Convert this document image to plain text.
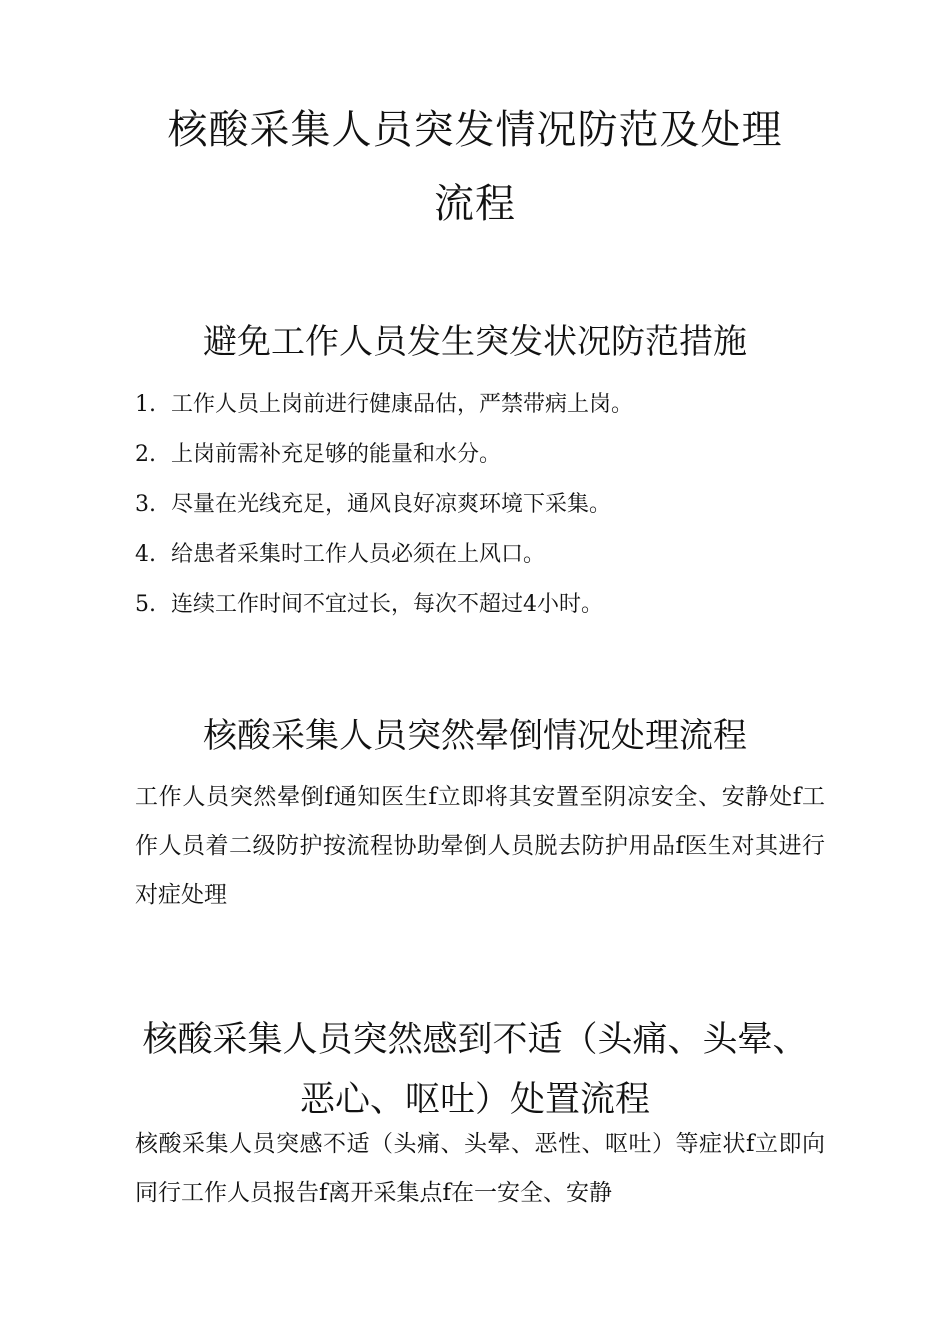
核酸采集人员突发情况防范及处理
流程
避免工作人员发生突发状况防范措施
1. 工作人员上岗前进行健康品估，严禁带病上岗。
2. 上岗前需补充足够的能量和水分。
3. 尽量在光线充足，通风良好凉爽环境下采集。
4. 给患者采集时工作人员必须在上风口。
5. 连续工作时间不宜过长，每次不超过4小时。
核酸采集人员突然晕倒情况处理流程

工作人员突然晕倒f通知医生f立即将其安置至阴凉安全、安静处f工作人员着二级防护按流程协助晕倒人员脱去防护用品f医生对其进行对症处理

核酸采集人员突然感到不适（头痛、头晕、
恶心、呕吐）处置流程

核酸采集人员突感不适（头痛、头晕、恶性、呕吐）等症状f立即向同行工作人员报告f离开采集点f在一安全、安静
